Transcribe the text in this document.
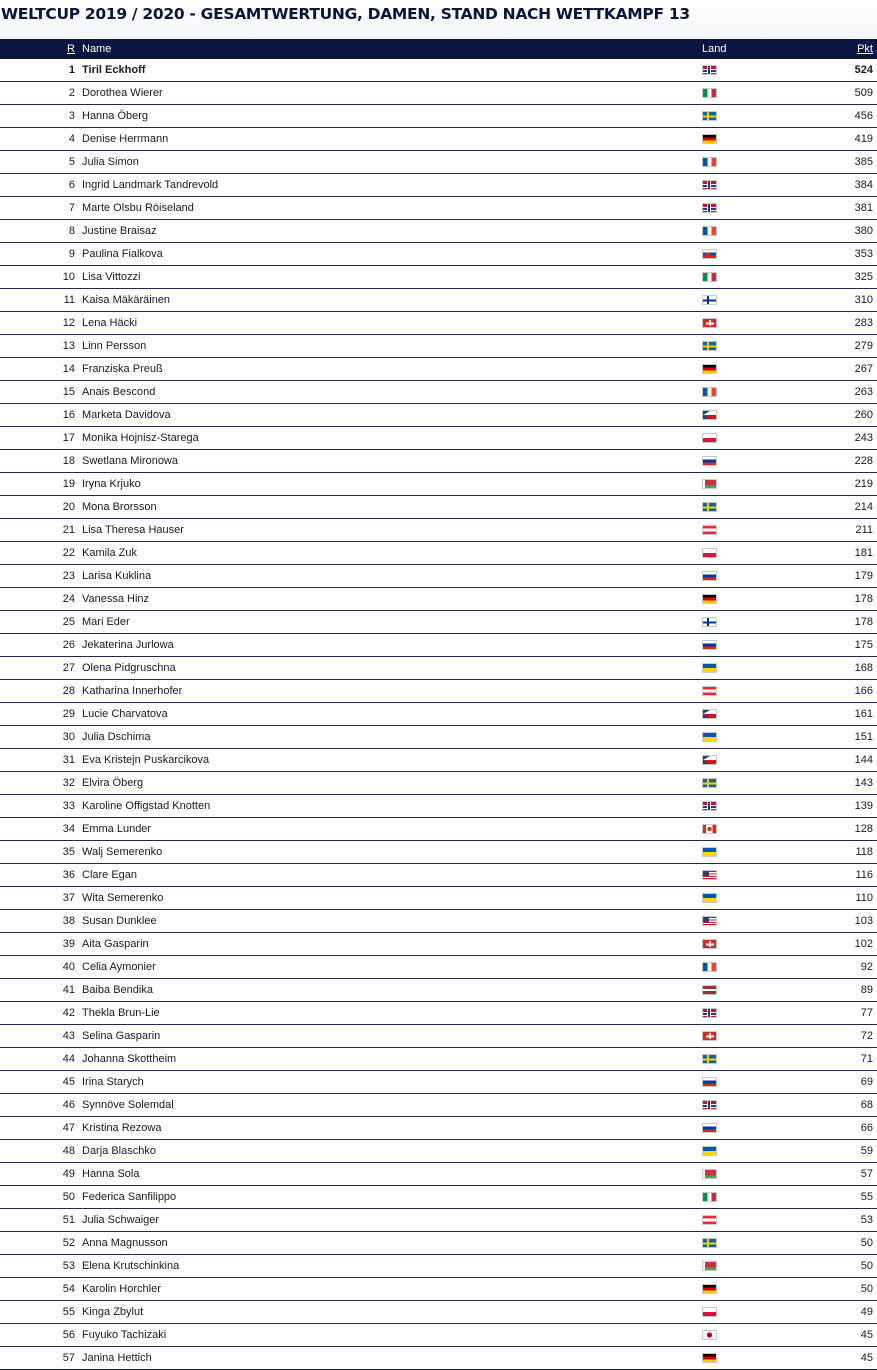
WELTCUP 2019 / 2020 - GESAMTWERTUNG, DAMEN, STAND NACH WETTKAMPF 13
R	Name	Land	Pkt
1	Tiril Eckhoff		524
2	Dorothea Wierer		509
3	Hanna Öberg		456
4	Denise Herrmann		419
5	Julia Simon		385
6	Ingrid Landmark Tandrevold		384
7	Marte Olsbu Röiseland		381
8	Justine Braisaz		380
9	Paulina Fialkova		353
10	Lisa Vittozzi		325
11	Kaisa Mäkäräinen		310
12	Lena Häcki		283
13	Linn Persson		279
14	Franziska Preuß		267
15	Anais Bescond		263
16	Marketa Davidova		260
17	Monika Hojnisz-Starega		243
18	Swetlana Mironowa		228
19	Iryna Krjuko		219
20	Mona Brorsson		214
21	Lisa Theresa Hauser		211
22	Kamila Zuk		181
23	Larisa Kuklina		179
24	Vanessa Hinz		178
25	Mari Eder		178
26	Jekaterina Jurlowa		175
27	Olena Pidgruschna		168
28	Katharina Innerhofer		166
29	Lucie Charvatova		161
30	Julia Dschima		151
31	Eva Kristejn Puskarcikova		144
32	Elvira Öberg		143
33	Karoline Offigstad Knotten		139
34	Emma Lunder		128
35	Walj Semerenko		118
36	Clare Egan		116
37	Wita Semerenko		110
38	Susan Dunklee		103
39	Aita Gasparin		102
40	Celia Aymonier		92
41	Baiba Bendika		89
42	Thekla Brun-Lie		77
43	Selina Gasparin		72
44	Johanna Skottheim		71
45	Irina Starych		69
46	Synnöve Solemdal		68
47	Kristina Rezowa		66
48	Darja Blaschko		59
49	Hanna Sola		57
50	Federica Sanfilippo		55
51	Julia Schwaiger		53
52	Anna Magnusson		50
53	Elena Krutschinkina		50
54	Karolin Horchler		50
55	Kinga Zbylut		49
56	Fuyuko Tachizaki		45
57	Janina Hettich		45
